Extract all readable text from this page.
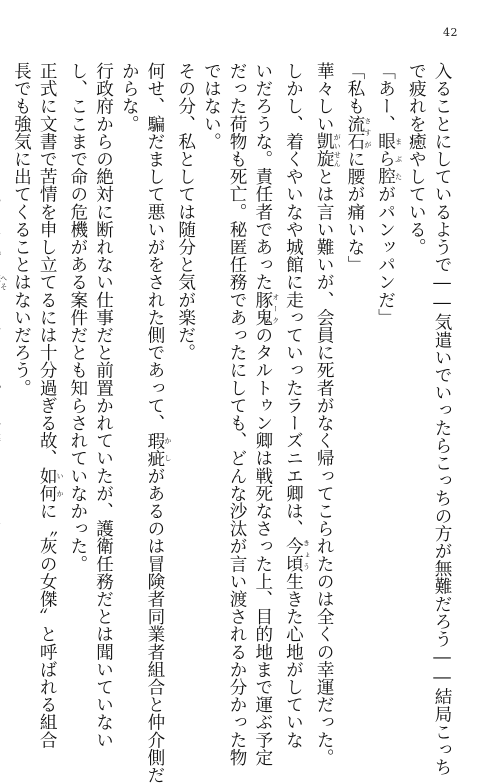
42

入ることにしているようで――気遣いでいったらこっちの方が無難だろう――結局こっち

で疲れを癒やしている。

「あー、眼ら腔 まぶたがパンッパンだ」

「私も流石 さすがに腰が痛いな」

華々しい凱旋 がいせんとは言い難いが、会員に死者がなく帰ってこられたのは全くの幸運だった。

しかし、着くやいなや城館に走っていったラーズニエ卿は、今頃 きょう生きた心地がしていな

いだろうな。責任者であった豚鬼 オークのタルトゥン卿は戦死なさった上、目的地まで運ぶ予定

だった荷物も死亡。秘匿任務であったにしても、どんな沙汰が言い渡されるか分かった物

ではない。

その分、私としては随分と気が楽だ。

何せ、騙だまして悪いがをされた側であって、瑕疵 かしがあるのは冒険者同業者組合と仲介側だ

からな。

行政府からの絶対に断れない仕事だと前置かれていたが、護衛任務だとは聞いていない

し、ここまで命の危機がある案件だとも知らされていなかった。

正式に文書で苦情を申し立てるには十分過ぎる故、如何 いかに〝灰の女傑〟と呼ばれる組合

長でも強気に出てくることはないだろう。

へそ
